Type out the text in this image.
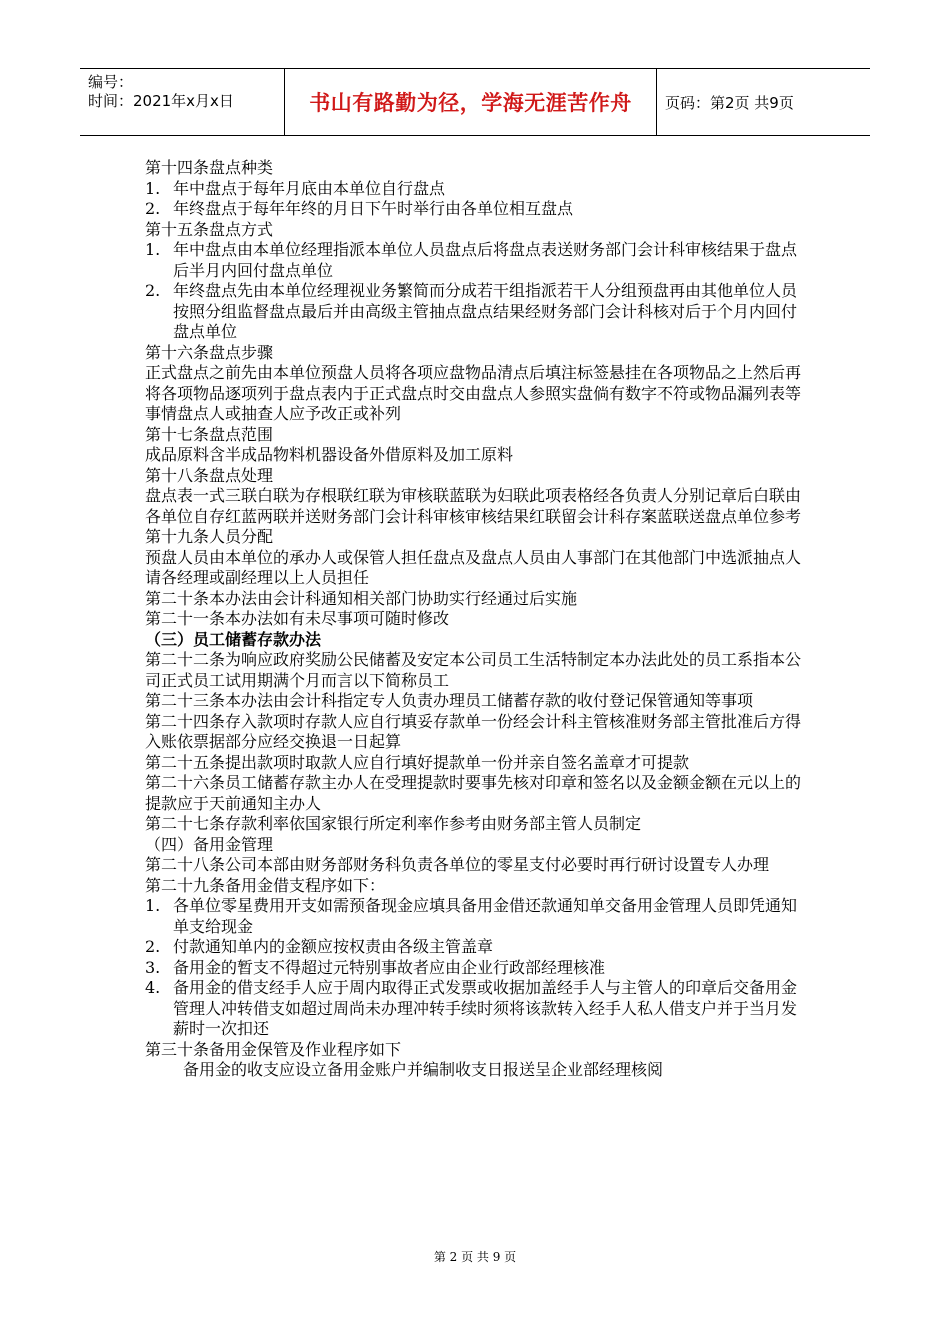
编号：
时间：2021年x月x日	书山有路勤为径，学海无涯苦作舟	页码：第2页 共9页
第十四条盘点种类
1. 年中盘点于每年月底由本单位自行盘点
2. 年终盘点于每年年终的月日下午时举行由各单位相互盘点
第十五条盘点方式
1. 年中盘点由本单位经理指派本单位人员盘点后将盘点表送财务部门会计科审核结果于盘点后半月内回付盘点单位
2. 年终盘点先由本单位经理视业务繁简而分成若干组指派若干人分组预盘再由其他单位人员按照分组监督盘点最后并由高级主管抽点盘点结果经财务部门会计科核对后于个月内回付盘点单位
第十六条盘点步骤
正式盘点之前先由本单位预盘人员将各项应盘物品清点后填注标签悬挂在各项物品之上然后再将各项物品逐项列于盘点表内于正式盘点时交由盘点人参照实盘倘有数字不符或物品漏列表等事情盘点人或抽查人应予改正或补列
第十七条盘点范围
成品原料含半成品物料机器设备外借原料及加工原料
第十八条盘点处理
盘点表一式三联白联为存根联红联为审核联蓝联为妇联此项表格经各负责人分别记章后白联由各单位自存红蓝两联并送财务部门会计科审核审核结果红联留会计科存案蓝联送盘点单位参考
第十九条人员分配
预盘人员由本单位的承办人或保管人担任盘点及盘点人员由人事部门在其他部门中选派抽点人请各经理或副经理以上人员担任
第二十条本办法由会计科通知相关部门协助实行经通过后实施
第二十一条本办法如有未尽事项可随时修改
（三）员工储蓄存款办法
第二十二条为响应政府奖励公民储蓄及安定本公司员工生活特制定本办法此处的员工系指本公司正式员工试用期满个月而言以下简称员工
第二十三条本办法由会计科指定专人负责办理员工储蓄存款的收付登记保管通知等事项
第二十四条存入款项时存款人应自行填妥存款单一份经会计科主管核准财务部主管批准后方得入账依票据部分应经交换退一日起算
第二十五条提出款项时取款人应自行填好提款单一份并亲自签名盖章才可提款
第二十六条员工储蓄存款主办人在受理提款时要事先核对印章和签名以及金额金额在元以上的提款应于天前通知主办人
第二十七条存款利率依国家银行所定利率作参考由财务部主管人员制定
（四）备用金管理
第二十八条公司本部由财务部财务科负责各单位的零星支付必要时再行研讨设置专人办理
第二十九条备用金借支程序如下：
1. 各单位零星费用开支如需预备现金应填具备用金借还款通知单交备用金管理人员即凭通知单支给现金
2. 付款通知单内的金额应按权责由各级主管盖章
3. 备用金的暂支不得超过元特别事故者应由企业行政部经理核准
4. 备用金的借支经手人应于周内取得正式发票或收据加盖经手人与主管人的印章后交备用金管理人冲转借支如超过周尚未办理冲转手续时须将该款转入经手人私人借支户并于当月发薪时一次扣还
第三十条备用金保管及作业程序如下
备用金的收支应设立备用金账户并编制收支日报送呈企业部经理核阅
第 2 页 共 9 页
